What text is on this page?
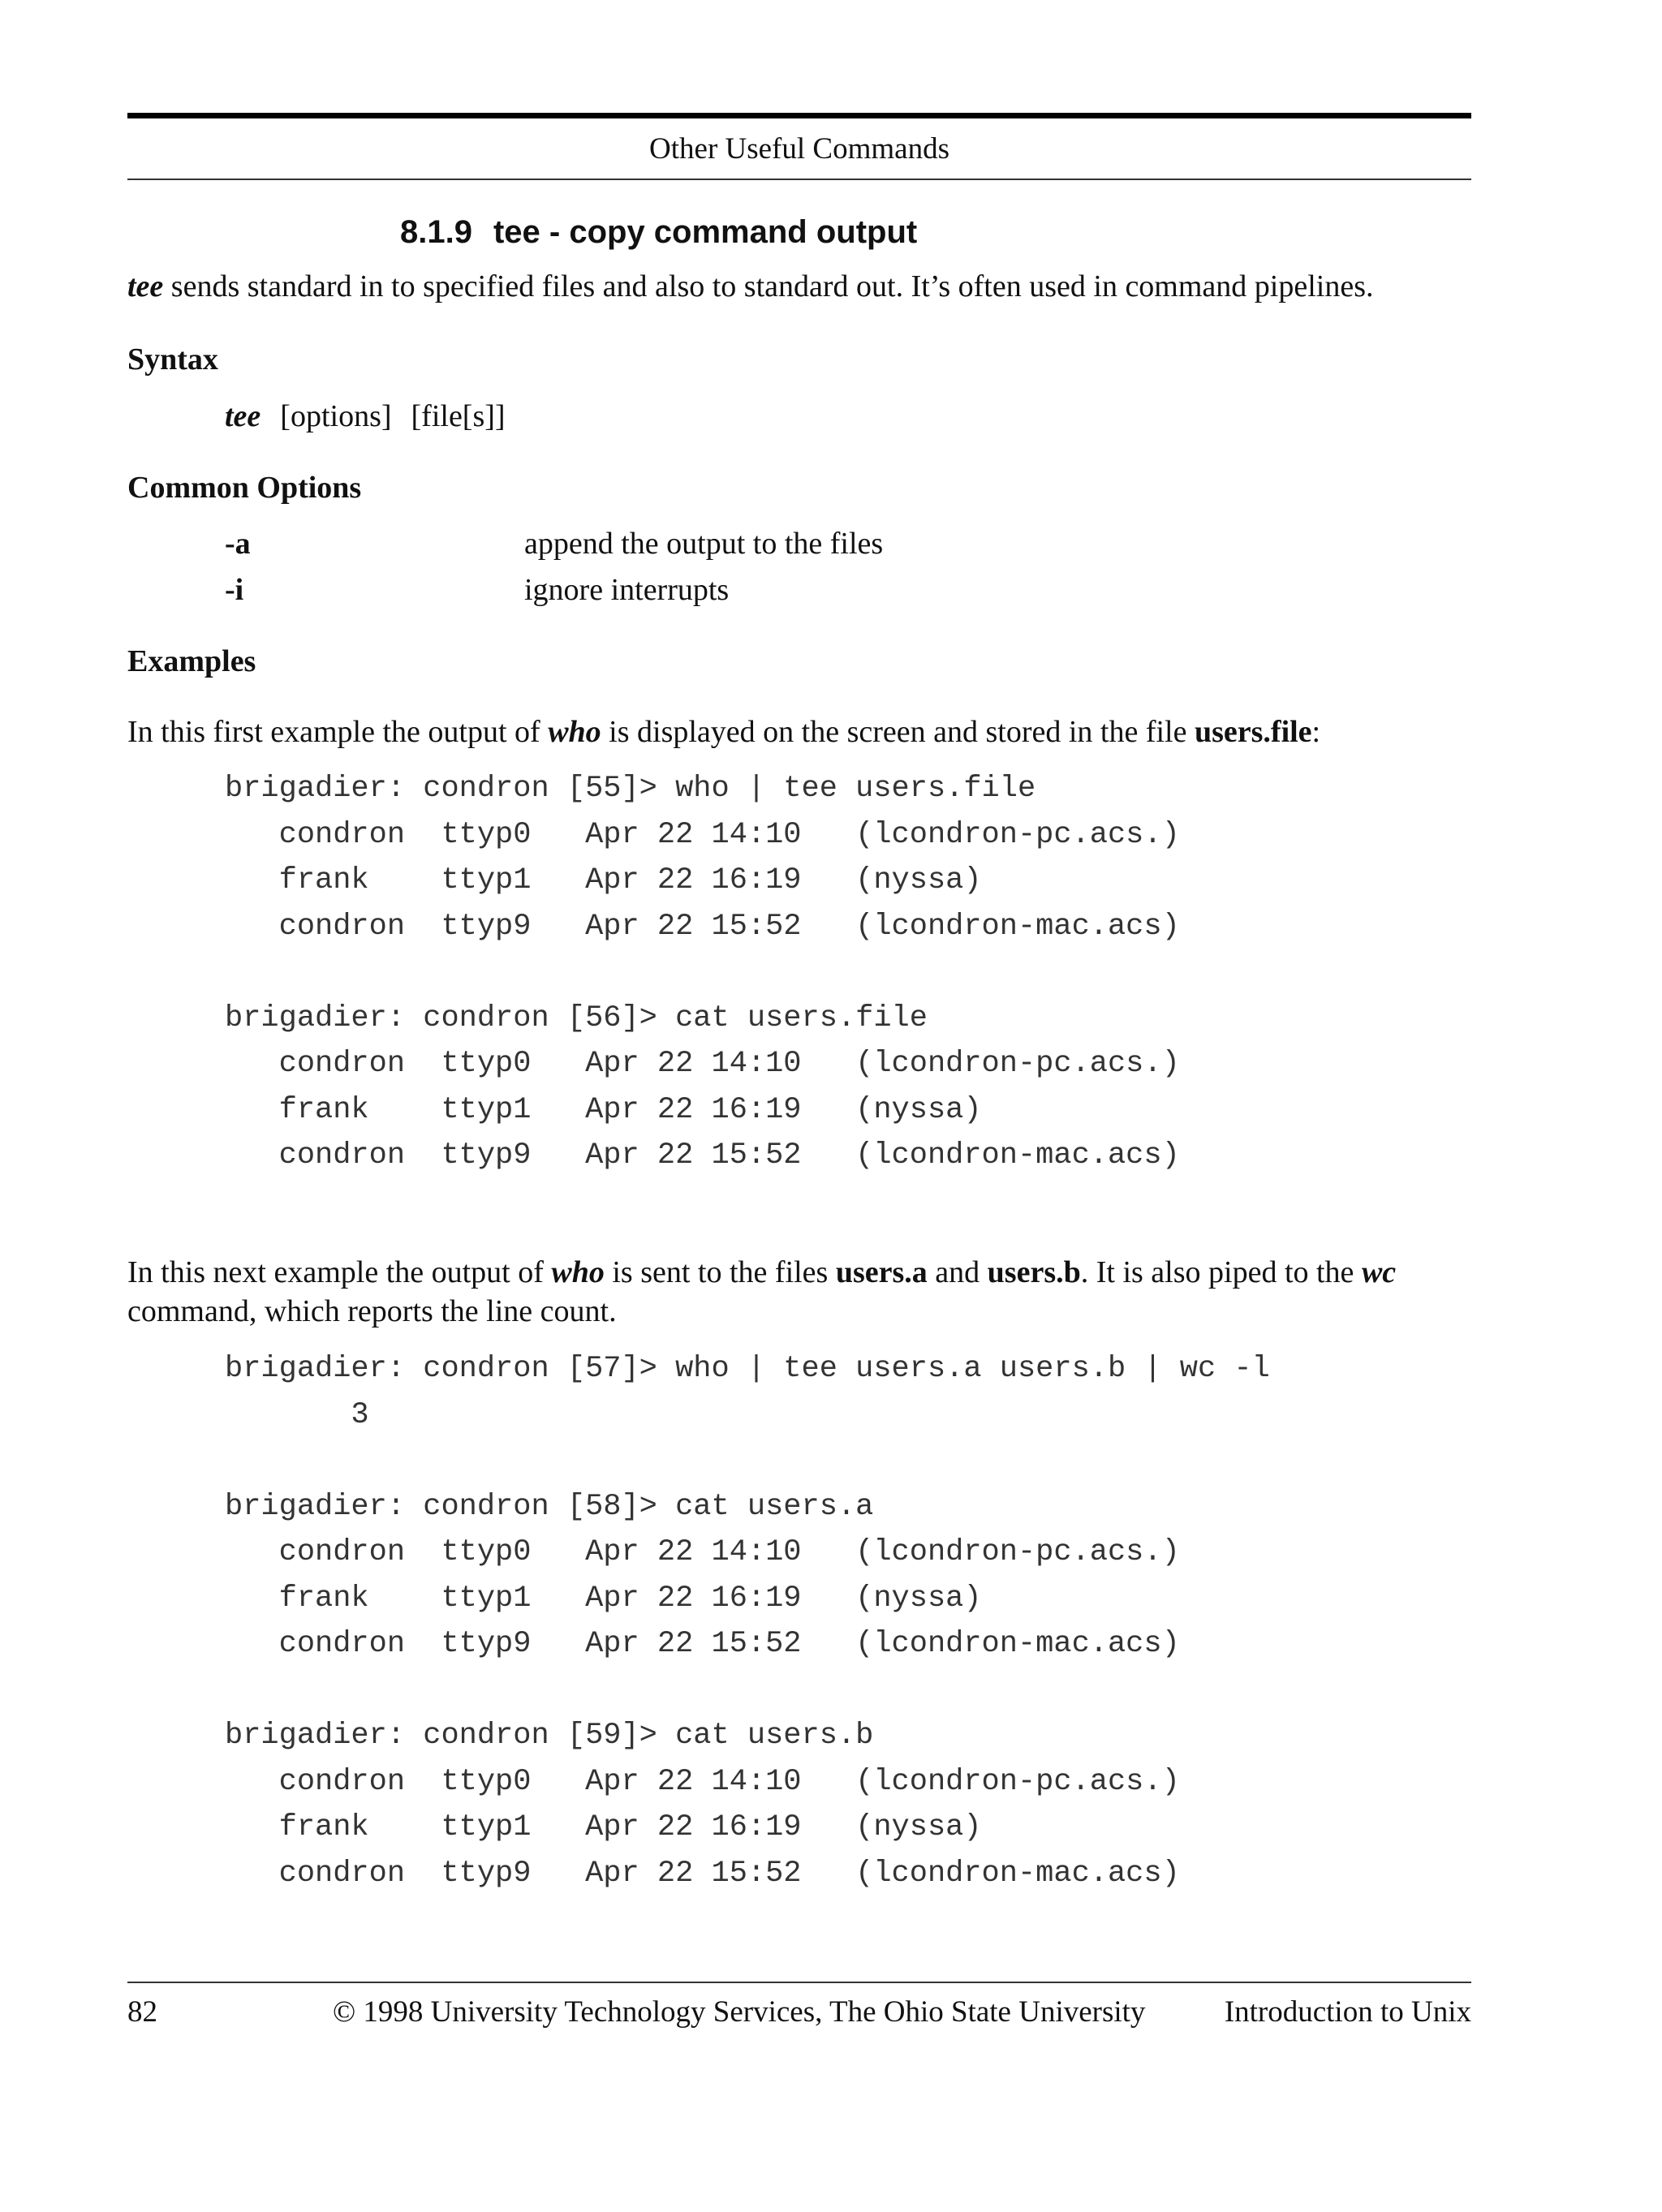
Other Useful Commands
8.1.9 tee - copy command output
tee sends standard in to specified files and also to standard out. It’s often used in command pipelines.
Syntax
tee [options] [file[s]]
Common Options
-a	append the output to the files
-i	ignore interrupts
Examples
In this first example the output of who is displayed on the screen and stored in the file users.file:
brigadier: condron [55]> who | tee users.file
condron  ttyp0   Apr 22 14:10   (lcondron-pc.acs.)
frank    ttyp1   Apr 22 16:19   (nyssa)
condron  ttyp9   Apr 22 15:52   (lcondron-mac.acs)

brigadier: condron [56]> cat users.file
condron  ttyp0   Apr 22 14:10   (lcondron-pc.acs.)
frank    ttyp1   Apr 22 16:19   (nyssa)
condron  ttyp9   Apr 22 15:52   (lcondron-mac.acs)
In this next example the output of who is sent to the files users.a and users.b. It is also piped to the wc command, which reports the line count.
brigadier: condron [57]> who | tee users.a users.b | wc -l
3

brigadier: condron [58]> cat users.a
condron  ttyp0   Apr 22 14:10   (lcondron-pc.acs.)
frank    ttyp1   Apr 22 16:19   (nyssa)
condron  ttyp9   Apr 22 15:52   (lcondron-mac.acs)

brigadier: condron [59]> cat users.b
condron  ttyp0   Apr 22 14:10   (lcondron-pc.acs.)
frank    ttyp1   Apr 22 16:19   (nyssa)
condron  ttyp9   Apr 22 15:52   (lcondron-mac.acs)
82	© 1998 University Technology Services, The Ohio State University	Introduction to Unix
